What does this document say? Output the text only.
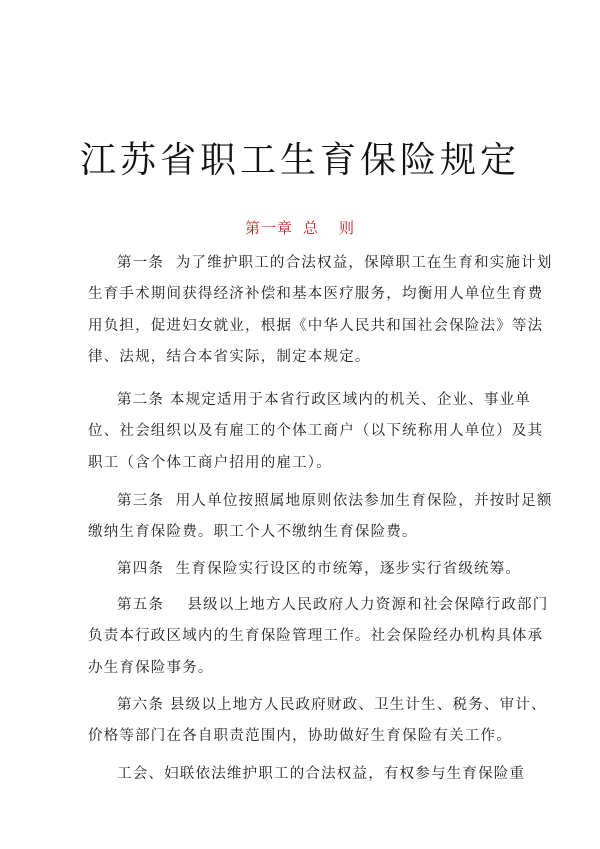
江苏省职工生育保险规定
第一章 总 则

第一条 为了维护职工的合法权益，保障职工在生育和实施计划生育手术期间获得经济补偿和基本医疗服务，均衡用人单位生育费用负担，促进妇女就业，根据《中华人民共和国社会保险法》等法律、法规，结合本省实际，制定本规定。

第二条 本规定适用于本省行政区域内的机关、企业、事业单位、社会组织以及有雇工的个体工商户（以下统称用人单位）及其职工（含个体工商户招用的雇工）。

第三条 用人单位按照属地原则依法参加生育保险，并按时足额缴纳生育保险费。职工个人不缴纳生育保险费。

第四条 生育保险实行设区的市统筹，逐步实行省级统筹。

第五条 县级以上地方人民政府人力资源和社会保障行政部门负责本行政区域内的生育保险管理工作。社会保险经办机构具体承办生育保险事务。

第六条 县级以上地方人民政府财政、卫生计生、税务、审计、价格等部门在各自职责范围内，协助做好生育保险有关工作。

工会、妇联依法维护职工的合法权益，有权参与生育保险重
